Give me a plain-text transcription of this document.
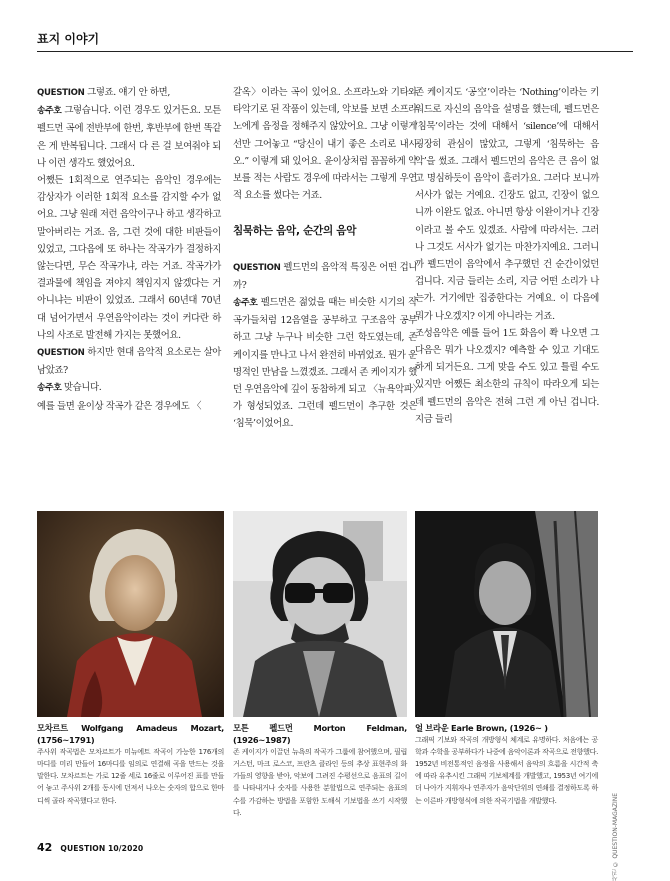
표지 이야기

QUESTION 그렇죠. 얘기 안 하면,

송주호 그렇습니다. 이런 경우도 있거든요. 모튼 펠드먼 곡에 전반부에 한번, 후반부에 한번 똑같은 게 반복됩니다. 그래서 다 른 걸 보여줘야 되나 이런 생각도 했었어요.

어쨌든 1회적으로 연주되는 음악인 경우에는 감상자가 이러한 1회적 요소를 감지할 수가 없어요. 그냥 원래 저런 음악이구나 하고 생각하고 말아버리는 거죠. 음, 그런 것에 대한 비판들이 있었고, 그다음에 또 하나는 작곡가가 결정하지 않는다면, 무슨 작곡가냐, 라는 거죠. 작곡가가 결과물에 책임을 져야지 책임지지 않겠다는 거 아니냐는 비판이 있었죠. 그래서 60년대 70년대 넘어가면서 우연음악이라는 것이 커다란 하나의 사조로 발전해 가지는 못했어요.

QUESTION 하지만 현대 음악적 요소로는 살아남았죠?

송주호 맞습니다.

예를 들면 윤이상 작곡가 같은 경우에도 〈

갈옥〉이라는 곡이 있어요. 소프라노와 기타와 타악기로 된 작품이 있는데, 악보를 보면 소프라노에게 음정을 정해주지 않았어요. 그냥 이렇게 선만 그어놓고 “당신이 내기 좋은 소리로 내시오.” 이렇게 돼 있어요. 윤이상처럼 꼼꼼하게 악보를 적는 사람도 경우에 따라서는 그렇게 우연적 요소를 썼다는 거죠.

침묵하는 음악, 순간의 음악

QUESTION 펠드먼의 음악적 특징은 어떤 겁니까?

송주호 펠드먼은 젊었을 때는 비슷한 시기의 작곡가들처럼 12음열을 공부하고 구조음악 공부하고 그냥 누구나 비슷한 그런 학도였는데, 존 케이지를 만나고 나서 완전히 바뀌었죠. 뭔가 운명적인 만남을 느꼈겠죠. 그래서 존 케이지가 했던 우연음악에 깊이 동참하게 되고 〈뉴욕악파〉가 형성되었죠. 그런데 펠드먼이 추구한 것은 ‘침묵’이었어요.

존 케이지도 ‘공空’이라는 ‘Nothing’이라는 키워드로 자신의 음악을 설명을 했는데, 펠드먼은 ‘침묵’이라는 것에 대해서 ‘silence’에 대해서 굉장히 관심이 많았고, 그렇게 ‘침묵하는 음악’을 썼죠. 그래서 펠드먼의 음악은 큰 음이 없고 명심하듯이 음악이 흘러가요. 그러다 보니까 서사가 없는 거예요. 긴장도 없고, 긴장이 없으니까 이완도 없죠. 아니면 항상 이완이거나 긴장이라고 볼 수도 있겠죠. 사람에 따라서는. 그러나 그것도 서사가 없기는 마찬가지예요. 그러니까 펠드먼이 음악에서 추구했던 건 순간이었던 겁니다. 지금 들리는 소리, 지금 어떤 소리가 나는가. 거기에만 집중한다는 거예요. 이 다음에 뭐가 나오겠지? 이게 아니라는 거죠.

조성음악은 예를 들어 1도 화음이 쫙 나오면 그 다음은 뭐가 나오겠지? 예측할 수 있고 기대도 하게 되거든요. 그게 맞을 수도 있고 틀릴 수도 있지만 어쨌든 최소한의 규칙이 따라오게 되는데 펠드먼의 음악은 전혀 그런 게 아닌 겁니다. 지금 들리

모차르트 Wolfgang Amadeus Mozart, (1756~1791)
주사위 작곡법은 모차르트가 미뉴에트 작곡이 가능한 176개의 마디를 미리 만들어 16마디를 임의로 연결해 곡을 만드는 것을 말한다. 모차르트는 가로 12줄 세로 16줄로 이루어진 표를 만들어 놓고 주사위 2개를 동시에 던져서 나오는 숫자의 합으로 한마디씩 골라 작곡했다고 한다.
모튼 펠드먼 Morton Feldman, (1926~1987)
존 케이지가 이끌던 뉴욕의 작곡가 그룹에 참여했으며, 필립 거스턴, 마크 로스코, 프란츠 클라인 등의 추상 표현주의 화가들의 영향을 받아, 악보에 그려진 수평선으로 음표의 길이를 나타내거나 숫자를 사용한 분할법으로 연주되는 음표의 수를 가감하는 방법을 포함한 도해식 기보법을 쓰기 시작했다.
얼 브라운 Earle Brown, (1926~ )
그래픽 기보와 작곡의 개방형식 체계로 유명하다. 처음에는 공학과 수학을 공부하다가 나중에 음악이론과 작곡으로 전향했다. 1952년 비전통적인 음정을 사용해서 음악의 흐름을 시간적 축에 따라 유추시킨 그래픽 기보체계를 개발했고, 1953년 여기에 더 나아가 지휘자나 연주자가 음악단위의 연쇄를 결정하도록 하는 이른바 개방형식에 의한 작곡기법을 개발했다.	사진 © QUESTION-MAGAZINE
42 QUESTION 10/2020
